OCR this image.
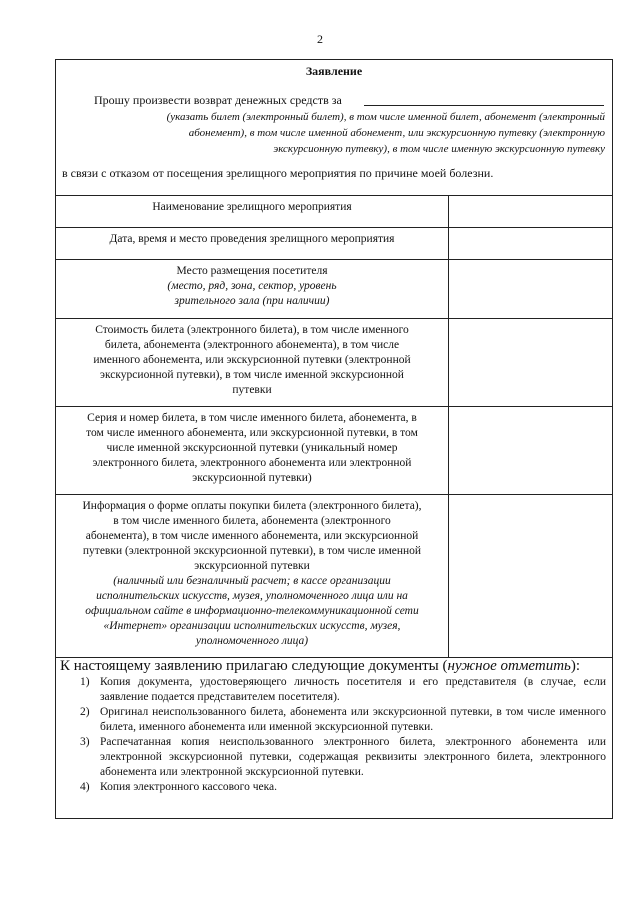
2
Заявление
Прошу произвести возврат денежных средств за
(указать билет (электронный билет), в том числе именной билет, абонемент (электронный
абонемент), в том числе именной абонемент, или экскурсионную путевку (электронную
экскурсионную путевку), в том числе именную экскурсионную путевку
в связи с отказом от посещения зрелищного мероприятия по причине моей болезни.
Наименование зрелищного мероприятия
Дата, время и место проведения зрелищного мероприятия
Место размещения посетителя
(место, ряд, зона, сектор, уровень
зрительного зала (при наличии)
Стоимость билета (электронного билета), в том числе именного
билета, абонемента (электронного абонемента), в том числе
именного абонемента, или экскурсионной путевки (электронной
экскурсионной путевки), в том числе именной экскурсионной
путевки
Серия и номер билета, в том числе именного билета, абонемента, в
том числе именного абонемента, или экскурсионной путевки, в том
числе именной экскурсионной путевки (уникальный номер
электронного билета, электронного абонемента или электронной
экскурсионной путевки)
Информация о форме оплаты покупки билета (электронного билета),
в том числе именного билета, абонемента (электронного
абонемента), в том числе именного абонемента, или экскурсионной
путевки (электронной экскурсионной путевки), в том числе именной
экскурсионной путевки
(наличный или безналичный расчет; в кассе организации
исполнительских искусств, музея, уполномоченного лица или на
официальном сайте в информационно-телекоммуникационной сети
«Интернет» организации исполнительских искусств, музея,
уполномоченного лица)

К настоящему заявлению прилагаю следующие документы (нужное отметить):

1) Копия документа, удостоверяющего личность посетителя и его представителя (в случае, если заявление подается представителем посетителя).
2) Оригинал неиспользованного билета, абонемента или экскурсионной путевки, в том числе именного билета, именного абонемента или именной экскурсионной путевки.
3) Распечатанная копия неиспользованного электронного билета, электронного абонемента или электронной экскурсионной путевки, содержащая реквизиты электронного билета, электронного абонемента или электронной экскурсионной путевки.
4) Копия электронного кассового чека.
